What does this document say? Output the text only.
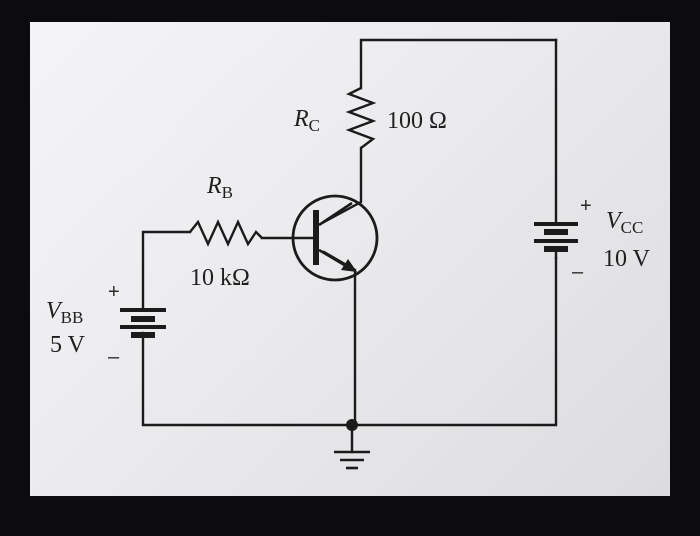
$R_C$	100 Ω
$R_B$
10 kΩ
+
–
$V_{BB}$
5 V
+
–
$V_{CC}$
10 V
